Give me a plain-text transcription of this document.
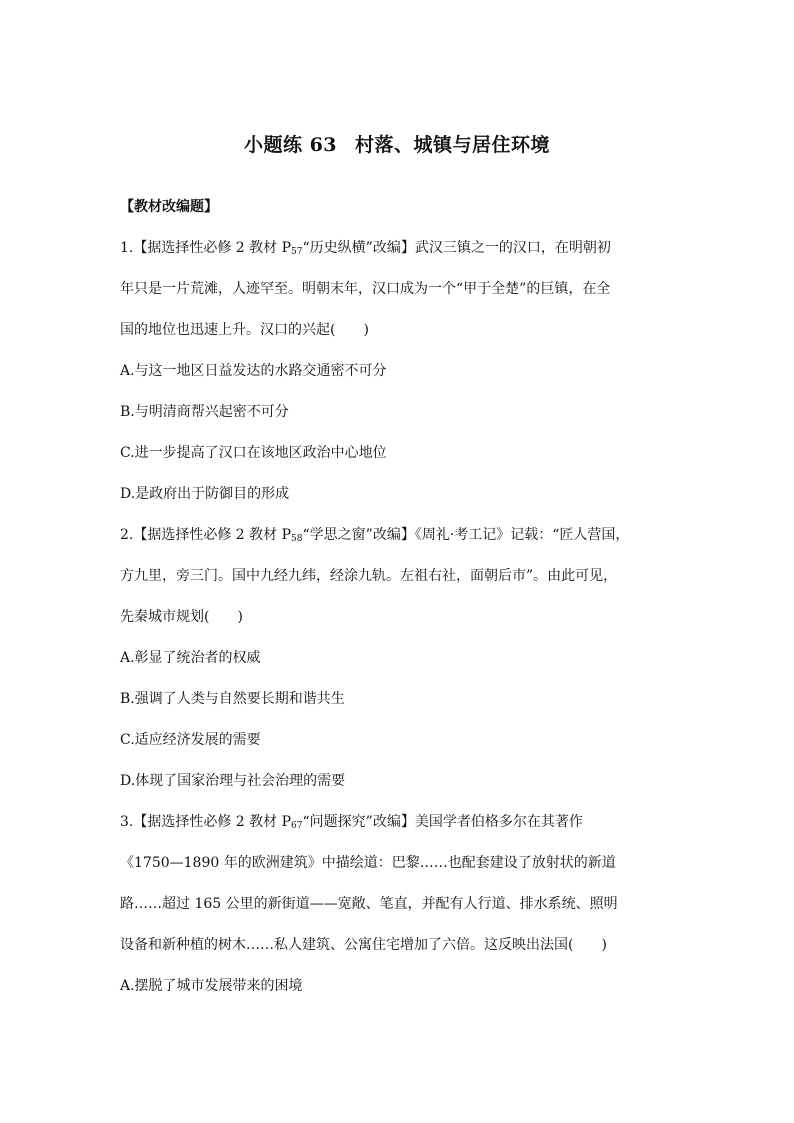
小题练 63 村落、城镇与居住环境
【教材改编题】
1.【据选择性必修 2 教材 $P_{57}“$历史纵横”改编】武汉三镇之一的汉口，在明朝初
年只是一片荒滩，人迹罕至。明朝末年，汉口成为一个“甲于全楚”的巨镇，在全
国的地位也迅速上升。汉口的兴起(　　)
A.与这一地区日益发达的水路交通密不可分
B.与明清商帮兴起密不可分
C.进一步提高了汉口在该地区政治中心地位
D.是政府出于防御目的形成
2.【据选择性必修 2 教材 $P_{58}“$学思之窗”改编】《周礼·考工记》记载：“匠人营国，
方九里，旁三门。国中九经九纬，经涂九轨。左祖右社，面朝后市”。由此可见，
先秦城市规划(　　)
A.彰显了统治者的权威
B.强调了人类与自然要长期和谐共生
C.适应经济发展的需要
D.体现了国家治理与社会治理的需要
3.【据选择性必修 2 教材 $P_{67}“$问题探究”改编】美国学者伯格多尔在其著作
《1750—1890 年的欧洲建筑》中描绘道：巴黎……也配套建设了放射状的新道
路……超过 165 公里的新街道——宽敞、笔直，并配有人行道、排水系统、照明
设备和新种植的树木……私人建筑、公寓住宅增加了六倍。这反映出法国(　　)
A.摆脱了城市发展带来的困境
